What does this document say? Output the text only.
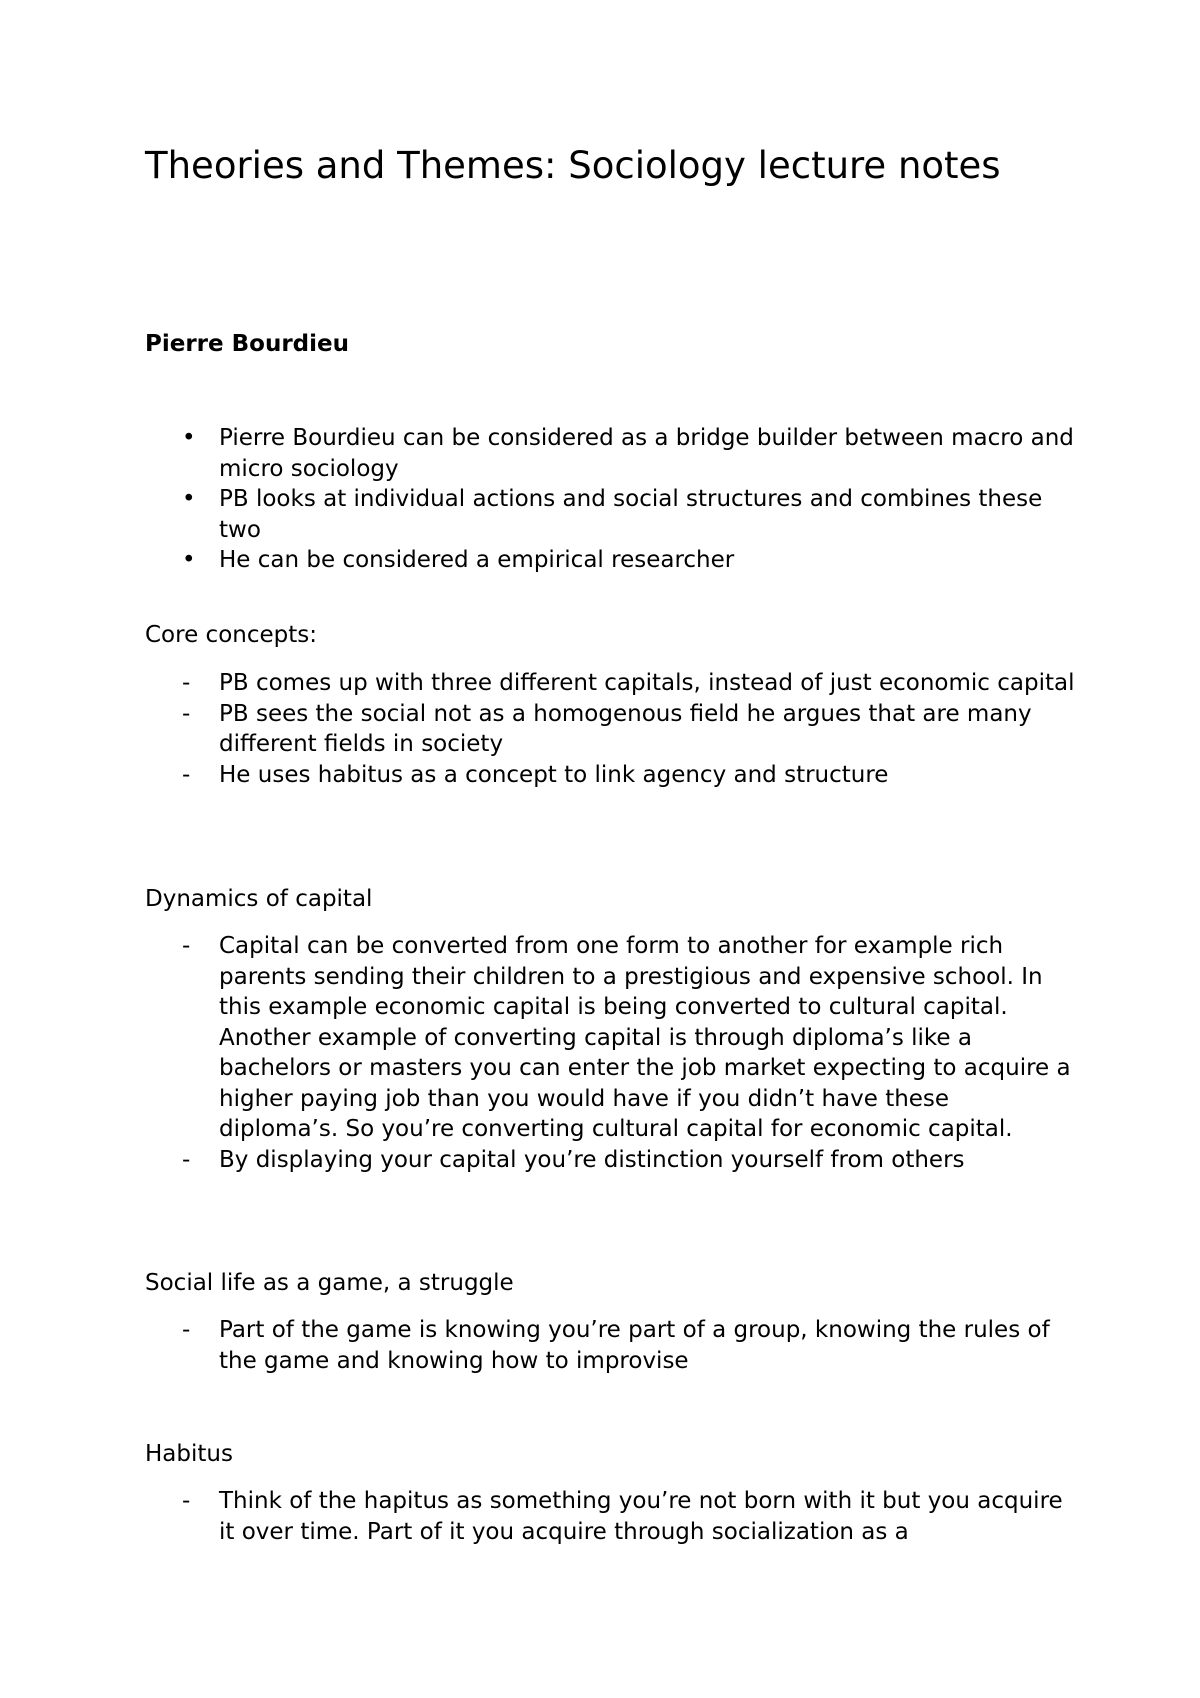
Theories and Themes: Sociology lecture notes
Pierre Bourdieu
• Pierre Bourdieu can be considered as a bridge builder between macro and micro sociology
• PB looks at individual actions and social structures and combines these two
• He can be considered a empirical researcher
Core concepts:
-	PB comes up with three different capitals, instead of just economic capital
-	PB sees the social not as a homogenous field he argues that are many different fields in society
-	He uses habitus as a concept to link agency and structure
Dynamics of capital
-	Capital can be converted from one form to another for example rich parents sending their children to a prestigious and expensive school. In this example economic capital is being converted to cultural capital. Another example of converting capital is through diploma’s like a bachelors or masters you can enter the job market expecting to acquire a higher paying job than you would have if you didn’t have these diploma’s. So you’re converting cultural capital for economic capital.
-	By displaying your capital you’re distinction yourself from others
Social life as a game, a struggle
-	Part of the game is knowing you’re part of a group, knowing the rules of the game and knowing how to improvise
Habitus
-	Think of the hapitus as something you’re not born with it but you acquire it over time. Part of it you acquire through socialization as a
